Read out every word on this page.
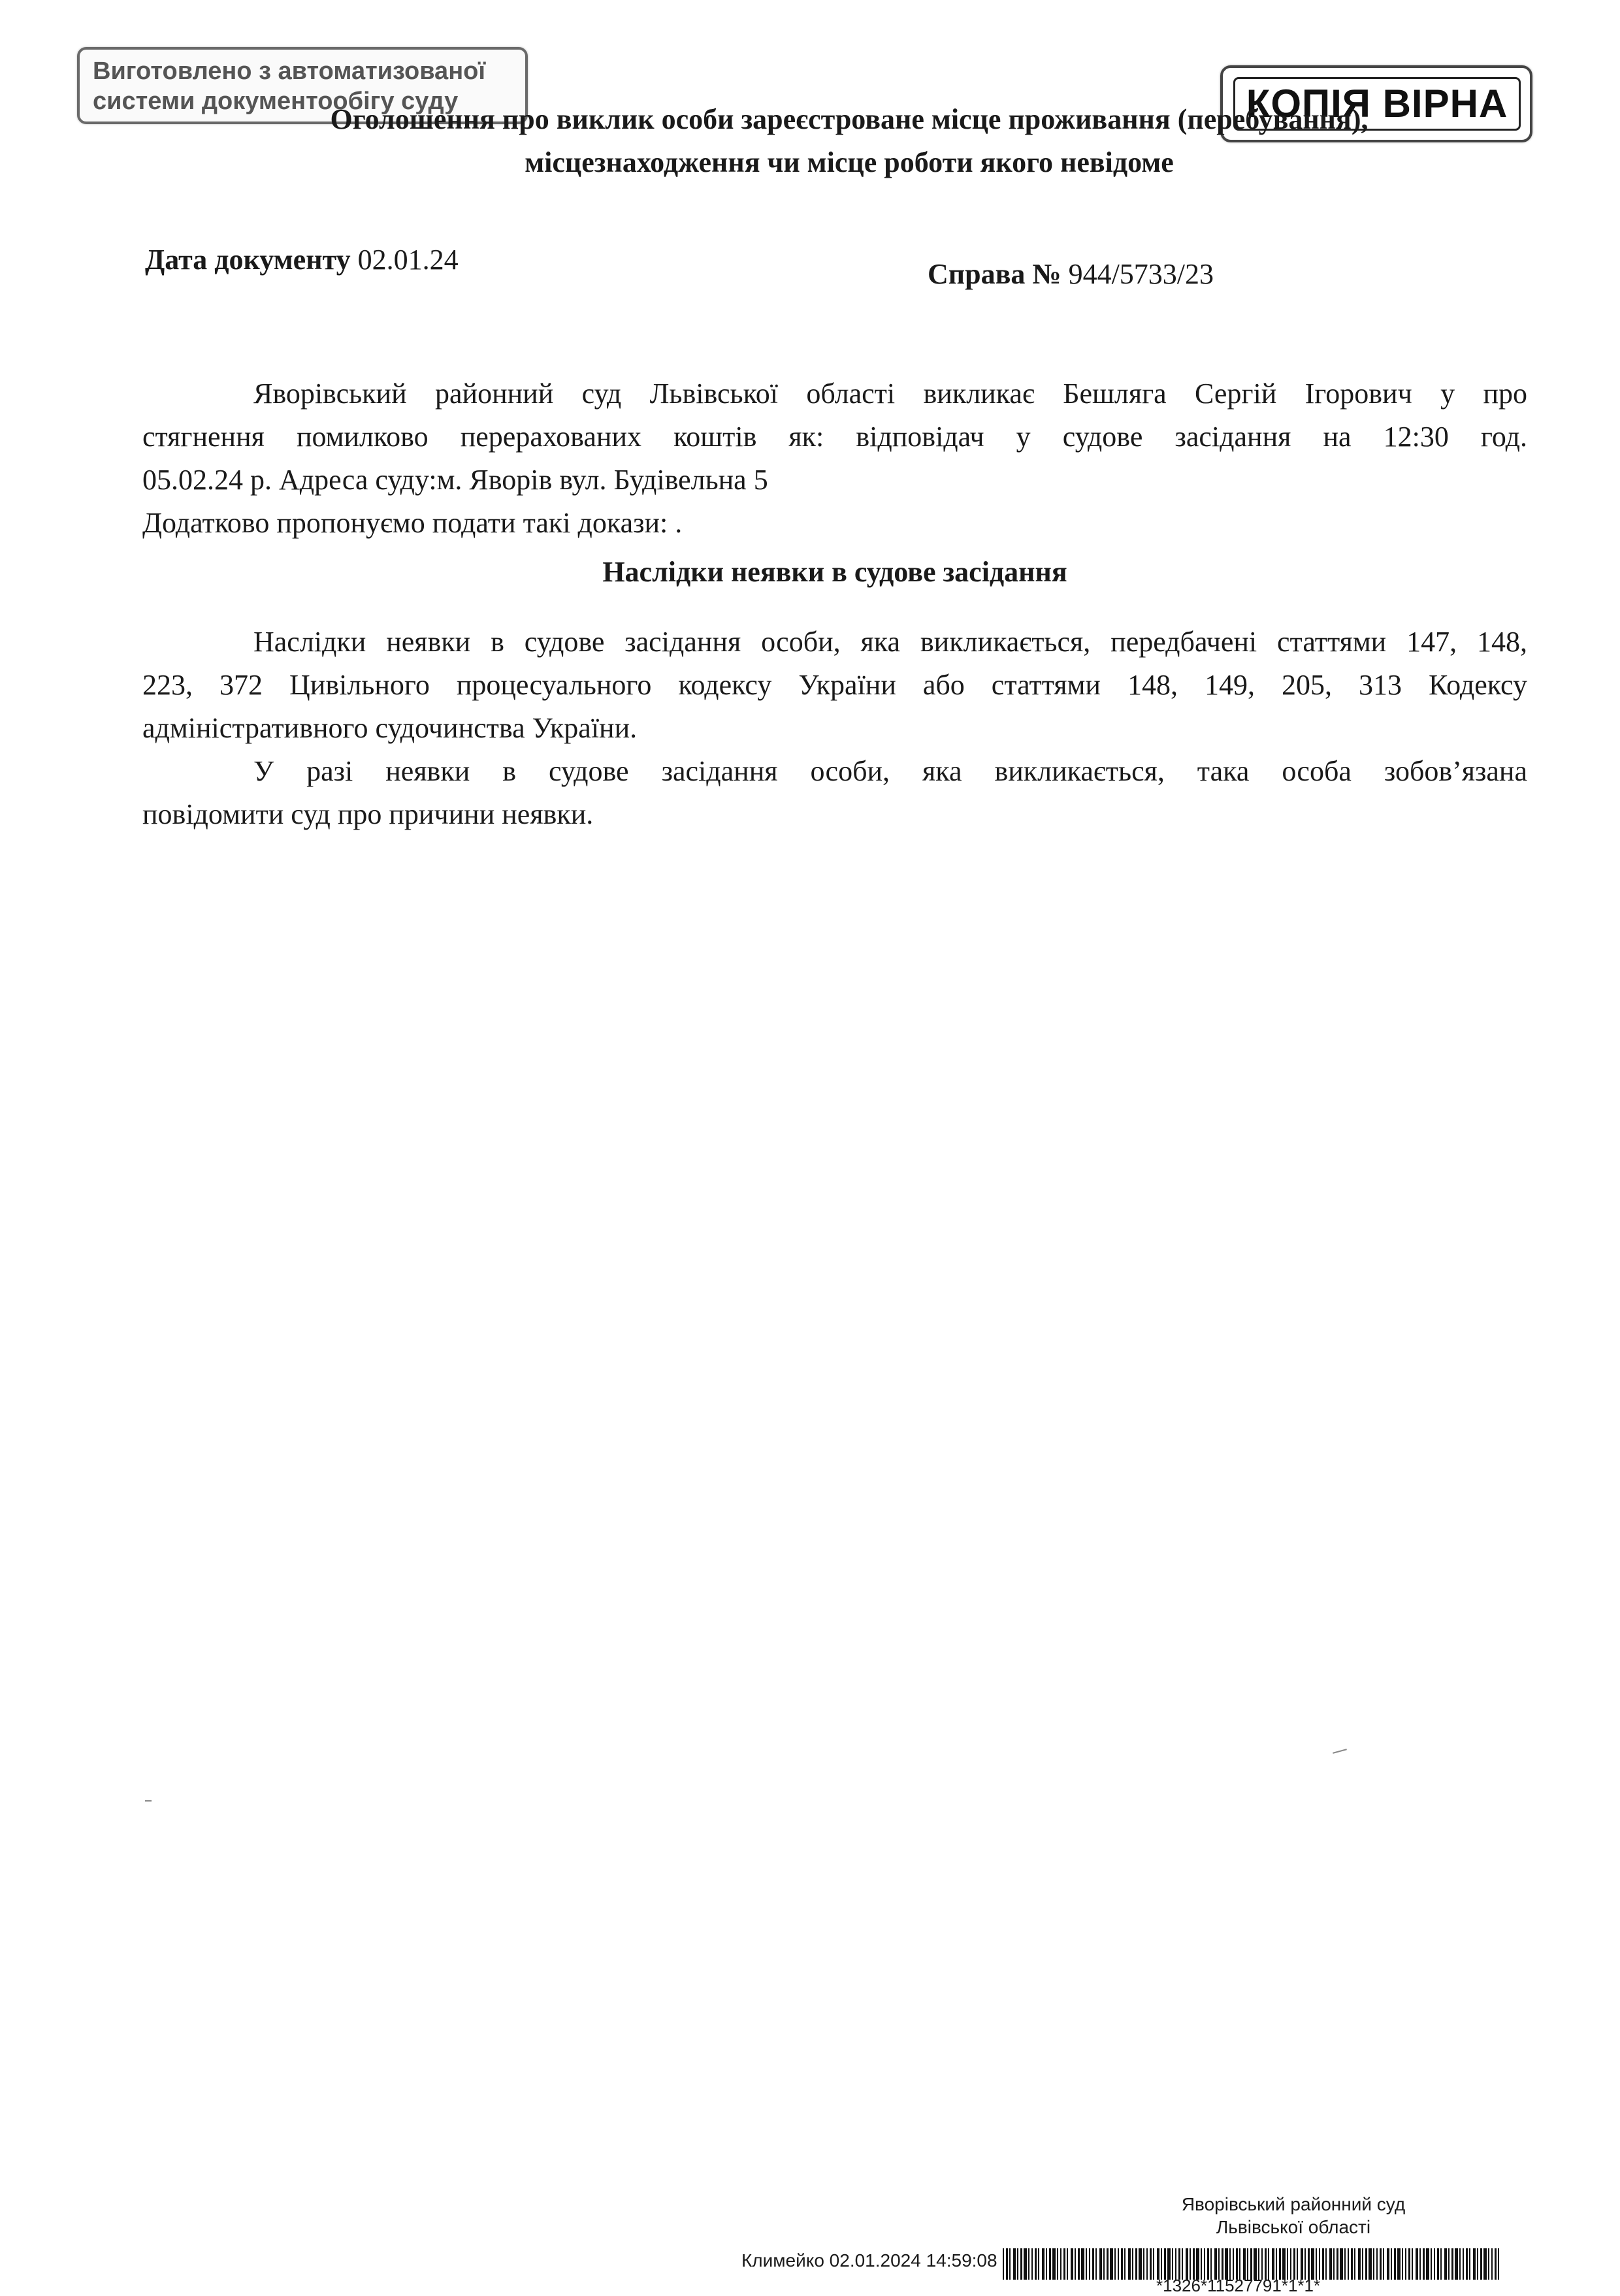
Виготовлено з автоматизованої
системи документообігу суду	КОПІЯ ВІРНА
Оголошення про виклик особи зареєстроване місце проживання (перебування),
місцезнаходження чи місце роботи якого невідоме
Дата документу 02.01.24	Справа № 944/5733/23
Яворівський районний суд Львівської області викликає Бешляга Сергій Ігорович у про
стягнення помилково перерахованих коштів як: відповідач у судове засідання на 12:30 год.
05.02.24 р. Адреса суду:м. Яворів вул. Будівельна 5
Додатково пропонуємо подати такі докази: .
Наслідки неявки в судове засідання
Наслідки неявки в судове засідання особи, яка викликається, передбачені статтями 147, 148,
223, 372 Цивільного процесуального кодексу України або статтями 148, 149, 205, 313 Кодексу
адміністративного судочинства України.
У разі неявки в судове засідання особи, яка викликається, така особа зобов’язана
повідомити суд про причини неявки.
Яворівський районний суд
Львівської області
Климейко 02.01.2024 14:59:08
*1326*11527791*1*1*
